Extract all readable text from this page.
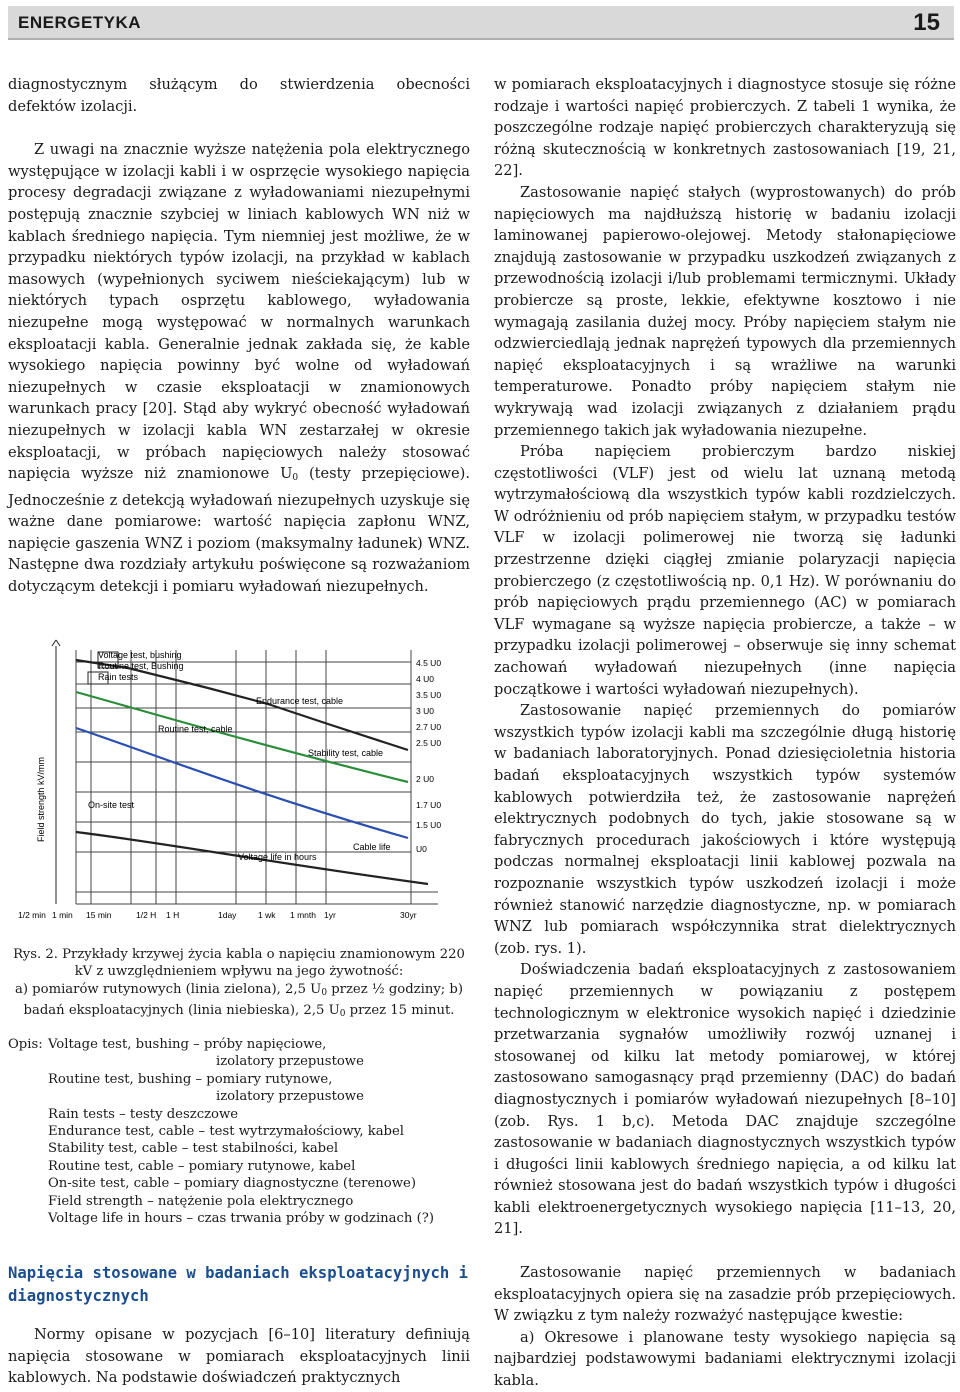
ENERGETYKA	15

diagnostycznym służącym do stwierdzenia obecności defektów izolacji.

Z uwagi na znacznie wyższe natężenia pola elektrycznego występujące w izolacji kabli i w osprzęcie wysokiego napięcia procesy degradacji związane z wyładowaniami niezupełnymi postępują znacznie szybciej w liniach kablowych WN niż w kablach średniego napięcia. Tym niemniej jest możliwe, że w przypadku niektórych typów izolacji, na przykład w kablach masowych (wypełnionych syciwem nieściekającym) lub w niektórych typach osprzętu kablowego, wyładowania niezupełne mogą występować w normalnych warunkach eksploatacji kabla. Generalnie jednak zakłada się, że kable wysokiego napięcia powinny być wolne od wyładowań niezupełnych w czasie eksploatacji w znamionowych warunkach pracy [20]. Stąd aby wykryć obecność wyładowań niezupełnych w izolacji kabla WN zestarzałej w okresie eksploatacji, w próbach napięciowych należy stosować napięcia wyższe niż znamionowe $U_0$ (testy przepięciowe). Jednocześnie z detekcją wyładowań niezupełnych uzyskuje się ważne dane pomiarowe: wartość napięcia zapłonu WNZ, napięcie gaszenia WNZ i poziom (maksymalny ładunek) WNZ. Następne dwa rozdziały artykułu poświęcone są rozważaniom dotyczącym detekcji i pomiaru wyładowań niezupełnych.

Voltage test, bushing
Routine test, Bushing
Rain tests
Endurance test, cable
Routine test, cable
Stability test, cable
On-site test
Voltage life in hours
Cable life
Field strength kV/mm
1/2 min 1 min 15 min	1/2 H 1 H	1day	1 wk 1 mnth 1yr	30yr
4.5 U0
4 U0
3.5 U0
3 U0
2.7 U0
2.5 U0
2 U0
1.7 U0
1.5 U0
U0
Rys. 2. Przykłady krzywej życia kabla o napięciu znamionowym 220 kV z uwzględnieniem wpływu na jego żywotność:
a) pomiarów rutynowych (linia zielona), 2,5 $U_0$ przez ½ godziny; b) badań eksploatacyjnych (linia niebieska), 2,5 $U_0$ przez 15 minut.
Opis: Voltage test, bushing – próby napięciowe,
izolatory przepustowe
Routine test, bushing – pomiary rutynowe,
izolatory przepustowe
Rain tests – testy deszczowe
Endurance test, cable – test wytrzymałościowy, kabel
Stability test, cable – test stabilności, kabel
Routine test, cable – pomiary rutynowe, kabel
On-site test, cable – pomiary diagnostyczne (terenowe)
Field strength – natężenie pola elektrycznego
Voltage life in hours – czas trwania próby w godzinach (?)
Napięcia stosowane w badaniach eksploatacyjnych i diagnostycznych

Normy opisane w pozycjach [6–10] literatury definiują napięcia stosowane w pomiarach eksploatacyjnych linii kablowych. Na podstawie doświadczeń praktycznych

w pomiarach eksploatacyjnych i diagnostyce stosuje się różne rodzaje i wartości napięć probierczych. Z tabeli 1 wynika, że poszczególne rodzaje napięć probierczych charakteryzują się różną skutecznością w konkretnych zastosowaniach [19, 21, 22].

Zastosowanie napięć stałych (wyprostowanych) do prób napięciowych ma najdłuższą historię w badaniu izolacji laminowanej papierowo-olejowej. Metody stałonapięciowe znajdują zastosowanie w przypadku uszkodzeń związanych z przewodnością izolacji i/lub problemami termicznymi. Układy probiercze są proste, lekkie, efektywne kosztowo i nie wymagają zasilania dużej mocy. Próby napięciem stałym nie odzwierciedlają jednak naprężeń typowych dla przemiennych napięć eksploatacyjnych i są wrażliwe na warunki temperaturowe. Ponadto próby napięciem stałym nie wykrywają wad izolacji związanych z działaniem prądu przemiennego takich jak wyładowania niezupełne.

Próba napięciem probierczym bardzo niskiej częstotliwości (VLF) jest od wielu lat uznaną metodą wytrzymałościową dla wszystkich typów kabli rozdzielczych. W odróżnieniu od prób napięciem stałym, w przypadku testów VLF w izolacji polimerowej nie tworzą się ładunki przestrzenne dzięki ciągłej zmianie polaryzacji napięcia probierczego (z częstotliwością np. 0,1 Hz). W porównaniu do prób napięciowych prądu przemiennego (AC) w pomiarach VLF wymagane są wyższe napięcia probiercze, a także – w przypadku izolacji polimerowej – obserwuje się inny schemat zachowań wyładowań niezupełnych (inne napięcia początkowe i wartości wyładowań niezupełnych).

Zastosowanie napięć przemiennych do pomiarów wszystkich typów izolacji kabli ma szczególnie długą historię w badaniach laboratoryjnych. Ponad dziesięcioletnia historia badań eksploatacyjnych wszystkich typów systemów kablowych potwierdziła też, że zastosowanie naprężeń elektrycznych podobnych do tych, jakie stosowane są w fabrycznych procedurach jakościowych i które występują podczas normalnej eksploatacji linii kablowej pozwala na rozpoznanie wszystkich typów uszkodzeń izolacji i może również stanowić narzędzie diagnostyczne, np. w pomiarach WNZ lub pomiarach współczynnika strat dielektrycznych (zob. rys. 1).

Doświadczenia badań eksploatacyjnych z zastosowaniem napięć przemiennych w powiązaniu z postępem technologicznym w elektronice wysokich napięć i dziedzinie przetwarzania sygnałów umożliwiły rozwój uznanej i stosowanej od kilku lat metody pomiarowej, w której zastosowano samogasnący prąd przemienny (DAC) do badań diagnostycznych i pomiarów wyładowań niezupełnych [8–10] (zob. Rys. 1 b,c). Metoda DAC znajduje szczególne zastosowanie w badaniach diagnostycznych wszystkich typów i długości linii kablowych średniego napięcia, a od kilku lat również stosowana jest do badań wszystkich typów i długości kabli elektroenergetycznych wysokiego napięcia [11–13, 20, 21].

Zastosowanie napięć przemiennych w badaniach eksploatacyjnych opiera się na zasadzie prób przepięciowych. W związku z tym należy rozważyć następujące kwestie:

a) Okresowe i planowane testy wysokiego napięcia są najbardziej podstawowymi badaniami elektrycznymi izolacji kabla.
